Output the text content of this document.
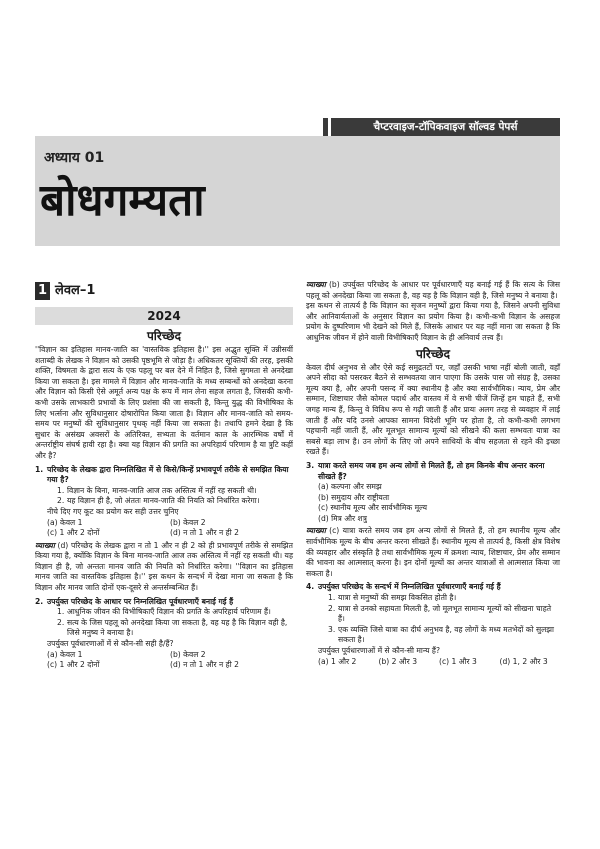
चैप्टरवाइज-टॉपिकवाइज सॉल्वड पेपर्स
अध्याय 01
बोधगम्यता
1 लेवल–1
2024
परिच्छेद

''विज्ञान का इतिहास मानव-जाति का 'वास्तविक इतिहास है।'' इस अद्भुत सूक्ति में उन्नीसवीं शताब्दी के लेखक ने विज्ञान को उसकी पृष्ठभूमि से जोड़ा है। अधिकतर सूक्तियों की तरह, इसकी शक्ति, विषमता के द्वारा सत्य के एक पहलू पर बल देने में निहित है, जिसे सुगमता से अनदेखा किया जा सकता है। इस मामले में विज्ञान और मानव-जाति के मध्य सम्बन्धों को अनदेखा करना और विज्ञान को किसी ऐसे अमूर्त अन्य पक्ष के रूप में मान लेना सहज लगता है, जिसकी कभी-कभी उसके लाभकारी प्रभावों के लिए प्रशंसा की जा सकती है, किन्तु युद्ध की विभीषिका के लिए भर्त्सना और सुविधानुसार दोषारोपित किया जाता है। विज्ञान और मानव-जाति को समय-समय पर मनुष्यों की सुविधानुसार पृथक् नहीं किया जा सकता है। तथापि हमने देखा है कि सुधार के असंख्य अवसरों के अतिरिक्त, सभ्यता के वर्तमान काल के आरम्भिक वर्षों में अन्तर्राष्ट्रीय संघर्ष हावी रहा है। क्या यह विज्ञान की प्रगति का अपरिहार्य परिणाम है या त्रुटि कहीं और है?

1. परिच्छेद के लेखक द्वारा निम्नलिखित में से किसे/किन्हें प्रभावपूर्ण तरीके से समझित किया गया है?
1. विज्ञान के बिना, मानव-जाति आज तक अस्तित्व में नहीं रह सकती थी।
2. यह विज्ञान ही है, जो अंततः मानव-जाति की नियति को निर्धारित करेगा।
नीचे दिए गए कूट का प्रयोग कर सही उत्तर चुनिए
(a) केवल 1	(b) केवल 2
(c) 1 और 2 दोनों	(d) न तो 1 और न ही 2
व्याख्या (d) परिच्छेद के लेखक द्वारा न तो 1 और न ही 2 को ही प्रभावपूर्ण तरीके से समझित किया गया है, क्योंकि विज्ञान के बिना मानव-जाति आज तक अस्तित्व में नहीं रह सकती थी। यह विज्ञान ही है, जो अन्ततः मानव जाति की नियति को निर्धारित करेगा। ''विज्ञान का इतिहास मानव जाति का वास्तविक इतिहास है।'' इस कथन के सन्दर्भ में देखा माना जा सकता है कि विज्ञान और मानव जाति दोनों एक-दूसरे से अन्तर्सम्बन्धित हैं।
2. उपर्युक्त परिच्छेद के आधार पर निम्नलिखित पूर्वधारणाएँ बनाई गई हैं
1. आधुनिक जीवन की विभीषिकाएँ विज्ञान की प्रगति के अपरिहार्य परिणाम हैं।
2. सत्य के जिस पहलू को अनदेखा किया जा सकता है, वह यह है कि विज्ञान वही है, जिसे मनुष्य ने बनाया है।
उपर्युक्त पूर्वधारणाओं में से कौन-सी सही है/हैं?
(a) केवल 1	(b) केवल 2
(c) 1 और 2 दोनों	(d) न तो 1 और न ही 2
व्याख्या (b) उपर्युक्त परिच्छेद के आधार पर पूर्वधारणाएँ यह बनाई गई हैं कि सत्य के जिस पहलू को अनदेखा किया जा सकता है, वह यह है कि विज्ञान वही है, जिसे मनुष्य ने बनाया है।

इस कथन से तात्पर्य है कि विज्ञान का सृजन मनुष्यों द्वारा किया गया है, जिसने अपनी सुविधा और आनिवार्यताओं के अनुसार विज्ञान का प्रयोग किया है। कभी-कभी विज्ञान के असहज प्रयोग के दुष्परिणाम भी देखने को मिले हैं, जिसके आधार पर यह नहीं माना जा सकता है कि आधुनिक जीवन में होने वाली विभीषिकाएँ विज्ञान के ही अनिवार्य तत्त्व हैं।

परिच्छेद

केवल दीर्घ अनुभव से और ऐसे कई समुद्रतटों पर, जहाँ उसकी भाषा नहीं बोली जाती, वहाँ अपने सीदा को पसरकर बैठने से सम्भवतया जान पाएगा कि उसके पास जो संग्रह है, उसका मूल्य क्या है, और अपनी पसन्द में क्या स्थानीय है और क्या सार्वभौमिक। न्याय, प्रेम और सम्मान, शिष्टाचार जैसे कोमल पदार्थ और वास्तव में वे सभी चीजें जिन्हें हम चाहते हैं, सभी जगह मान्य हैं, किन्तु वे विविध रूप से गढ़ी जाती हैं और प्रायः अलग तरह से व्यवहार में लाई जाती हैं और यदि उनसे आपका सामना विदेशी भूमि पर होता है, तो कभी-कभी लगभग पहचानी नहीं जाती हैं, और मूलभूत सामान्य मूल्यों को सीखने की कला सम्भवतः यात्रा का सबसे बड़ा लाभ है। उन लोगों के लिए जो अपने साथियों के बीच सहजता से रहने की इच्छा रखते हैं।

3. यात्रा करते समय जब हम अन्य लोगों से मिलते हैं, तो हम किनके बीच अन्तर करना सीखते हैं?
(a) कल्पना और समझ
(b) समुदाय और राष्ट्रीयता
(c) स्थानीय मूल्य और सार्वभौमिक मूल्य
(d) मित्र और शत्रु
व्याख्या (c) यात्रा करते समय जब हम अन्य लोगों से मिलते हैं, तो हम स्थानीय मूल्य और सार्वभौमिक मूल्य के बीच अन्तर करना सीखते हैं। स्थानीय मूल्य से तात्पर्य है, किसी क्षेत्र विशेष की व्यवहार और संस्कृति है तथा सार्वभौमिक मूल्य में क्रमशः न्याय, शिष्टाचार, प्रेम और सम्मान की भावना का आत्मसात् करना है। इन दोनों मूल्यों का अन्तर यात्राओं से आत्मसात किया जा सकता है।
4. उपर्युक्त परिच्छेद के सन्दर्भ में निम्नलिखित पूर्वधारणाएँ बनाई गई हैं
1. यात्रा से मनुष्यों की समझ विकसित होती है।
2. यात्रा से उनको सहायता मिलती है, जो मूलभूत सामान्य मूल्यों को सीखना चाहते हैं।
3. एक व्यक्ति जिसे यात्रा का दीर्घ अनुभव है, वह लोगों के मध्य मतभेदों को सुलझा सकता है।
उपर्युक्त पूर्वधारणाओं में से कौन-सी मान्य हैं?
(a) 1 और 2	(b) 2 और 3	(c) 1 और 3	(d) 1, 2 और 3
